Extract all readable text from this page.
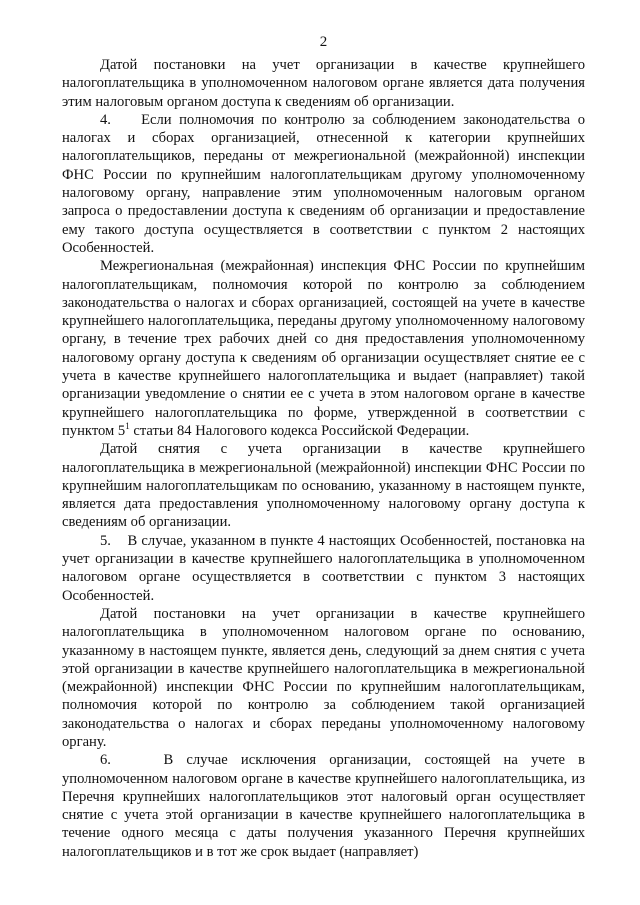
2

Датой постановки на учет организации в качестве крупнейшего налогоплательщика в уполномоченном налоговом органе является дата получения этим налоговым органом доступа к сведениям об организации.

4.    Если полномочия по контролю за соблюдением законодательства о налогах и сборах организацией, отнесенной к категории крупнейших налогоплательщиков, переданы от межрегиональной (межрайонной) инспекции ФНС России по крупнейшим налогоплательщикам другому уполномоченному налоговому органу, направление этим уполномоченным налоговым органом запроса о предоставлении доступа к сведениям об организации и предоставление ему такого доступа осуществляется в соответствии с пунктом 2 настоящих Особенностей.

Межрегиональная (межрайонная) инспекция ФНС России по крупнейшим налогоплательщикам, полномочия которой по контролю за соблюдением законодательства о налогах и сборах организацией, состоящей на учете в качестве крупнейшего налогоплательщика, переданы другому уполномоченному налоговому органу, в течение трех рабочих дней со дня предоставления уполномоченному налоговому органу доступа к сведениям об организации осуществляет снятие ее с учета в качестве крупнейшего налогоплательщика и выдает (направляет) такой организации уведомление о снятии ее с учета в этом налоговом органе в качестве крупнейшего налогоплательщика по форме, утвержденной в соответствии с пунктом $5^1$ статьи 84 Налогового кодекса Российской Федерации.

Датой снятия с учета организации в качестве крупнейшего налогоплательщика в межрегиональной (межрайонной) инспекции ФНС России по крупнейшим налогоплательщикам по основанию, указанному в настоящем пункте, является дата предоставления уполномоченному налоговому органу доступа к сведениям об организации.

5.    В случае, указанном в пункте 4 настоящих Особенностей, постановка на учет организации в качестве крупнейшего налогоплательщика в уполномоченном налоговом органе осуществляется в соответствии с пунктом 3 настоящих Особенностей.

Датой постановки на учет организации в качестве крупнейшего налогоплательщика в уполномоченном налоговом органе по основанию, указанному в настоящем пункте, является день, следующий за днем снятия с учета этой организации в качестве крупнейшего налогоплательщика в межрегиональной (межрайонной) инспекции ФНС России по крупнейшим налогоплательщикам, полномочия которой по контролю за соблюдением такой организацией законодательства о налогах и сборах переданы уполномоченному налоговому органу.

6.    В случае исключения организации, состоящей на учете в уполномоченном налоговом органе в качестве крупнейшего налогоплательщика, из Перечня крупнейших налогоплательщиков этот налоговый орган осуществляет снятие с учета этой организации в качестве крупнейшего налогоплательщика в течение одного месяца с даты получения указанного Перечня крупнейших налогоплательщиков и в тот же срок выдает (направляет)
